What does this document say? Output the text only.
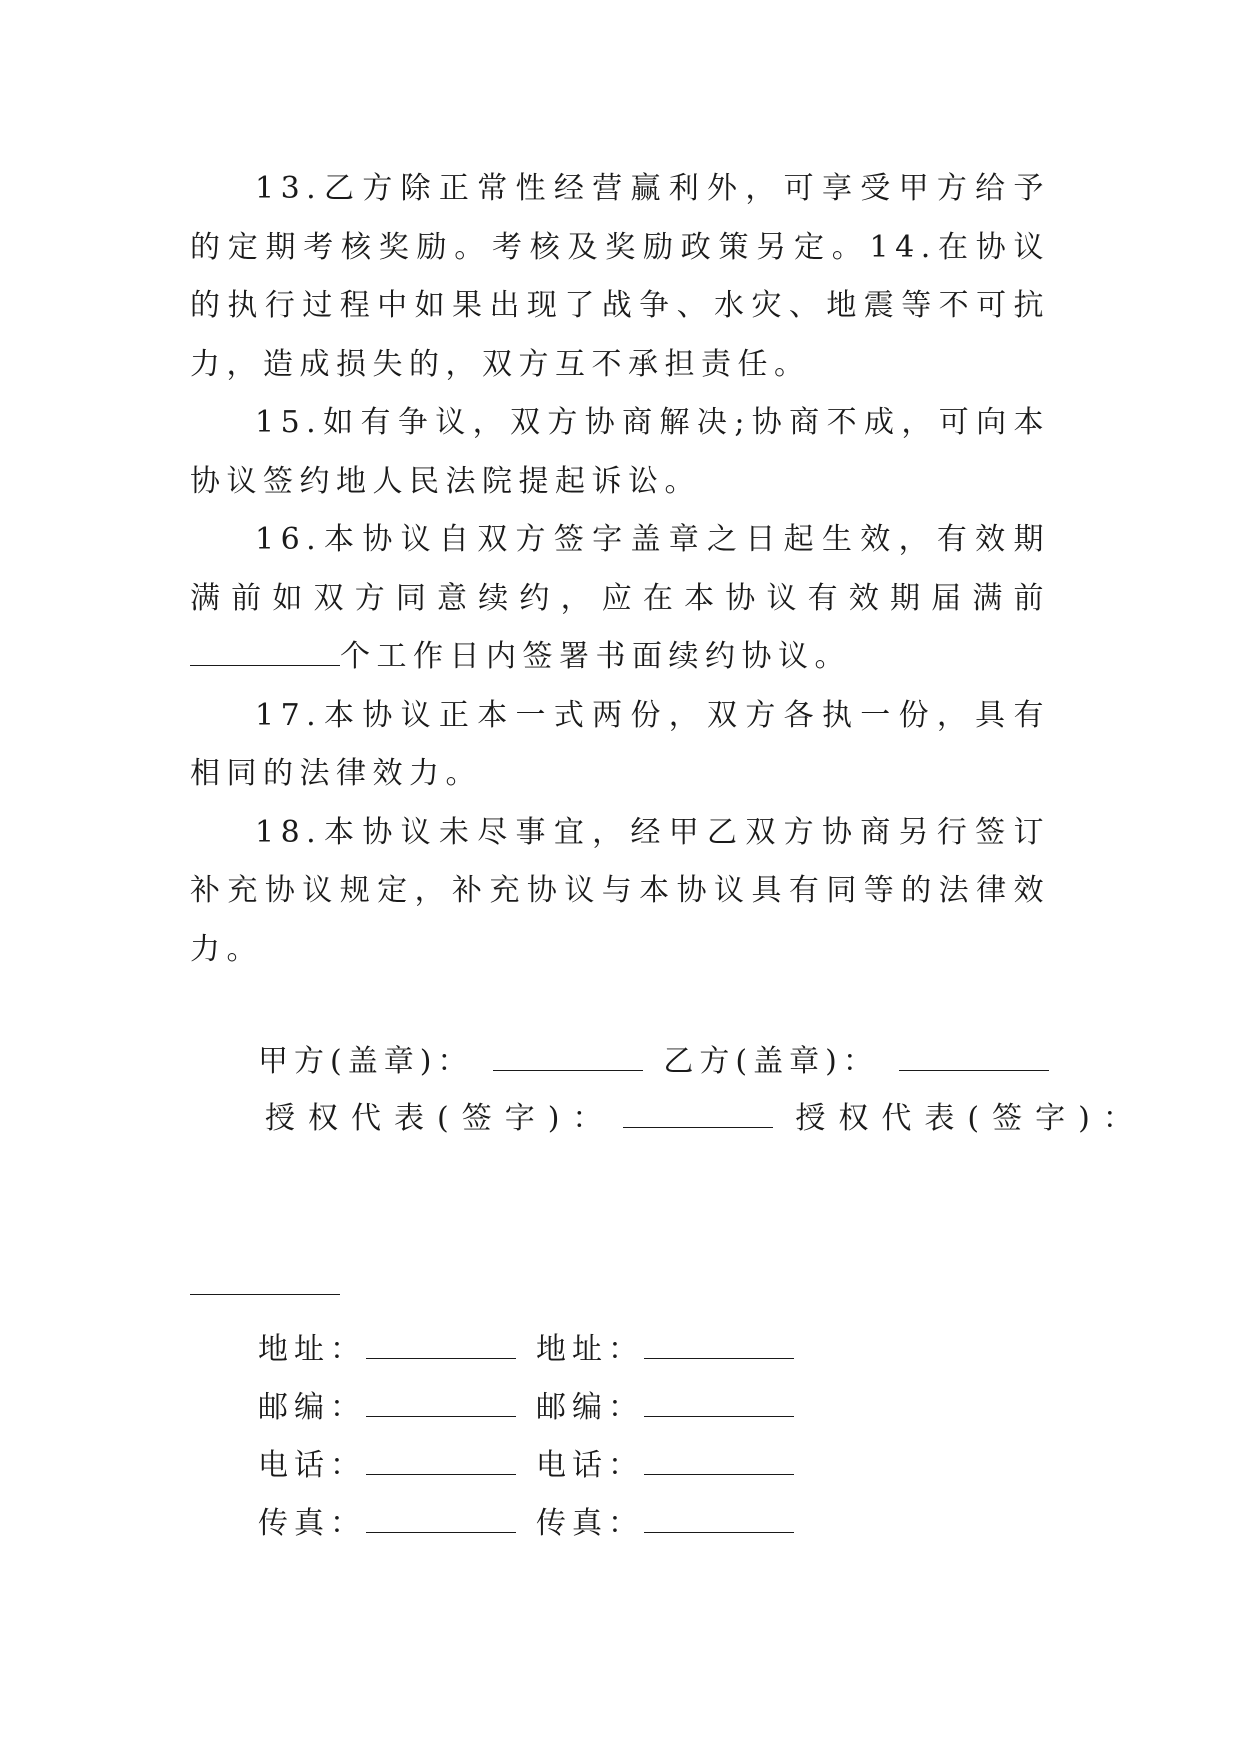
13.乙方除正常性经营赢利外，可享受甲方给予的定期考核奖励。考核及奖励政策另定。14.在协议的执行过程中如果出现了战争、水灾、地震等不可抗力，造成损失的，双方互不承担责任。

15.如有争议，双方协商解决;协商不成，可向本协议签约地人民法院提起诉讼。

16.本协议自双方签字盖章之日起生效，有效期满前如双方同意续约，应在本协议有效期届满前个工作日内签署书面续约协议。

17.本协议正本一式两份，双方各执一份，具有相同的法律效力。

18.本协议未尽事宜，经甲乙双方协商另行签订补充协议规定，补充协议与本协议具有同等的法律效力。

甲方(盖章)：	乙方(盖章)：
授权代表(签字)：	授权代表(签字)：
地址：	地址：
邮编：	邮编：
电话：	电话：
传真：	传真：
